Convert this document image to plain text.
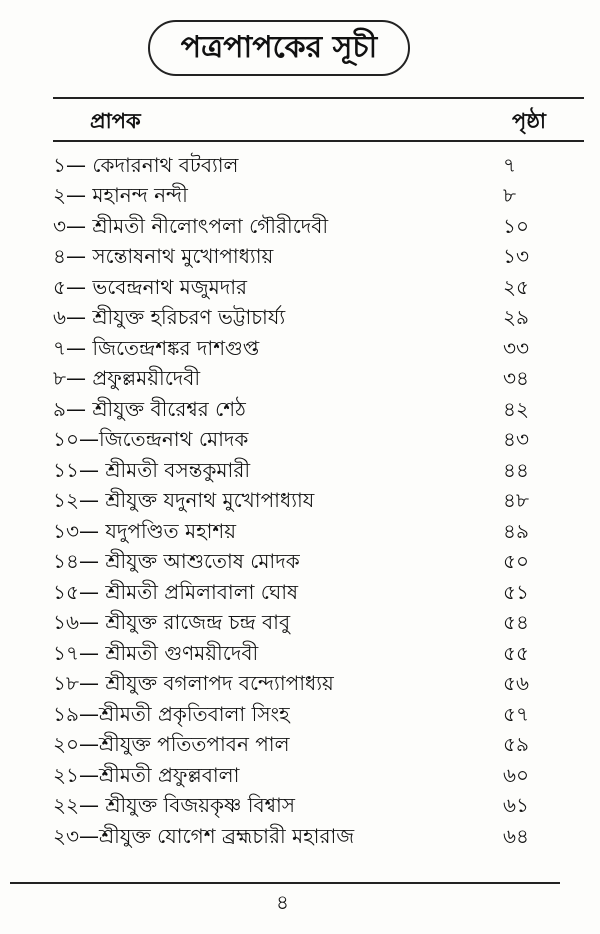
পত্রপাপকের সূচী
প্রাপক	পৃষ্ঠা
১— কেদারনাথ বটব্যাল	৭
২— মহানন্দ নন্দী	৮
৩— শ্রীমতী নীলোৎপলা গৌরীদেবী	১০
৪— সন্তোষনাথ মুখোপাধ্যায়	১৩
৫— ভবেন্দ্রনাথ মজুমদার	২৫
৬— শ্রীযুক্ত হরিচরণ ভট্টাচার্য্য	২৯
৭— জিতেন্দ্রশঙ্কর দাশগুপ্ত	৩৩
৮— প্রফুল্লময়ীদেবী	৩৪
৯— শ্রীযুক্ত বীরেশ্বর শেঠ	৪২
১০—জিতেন্দ্রনাথ মোদক	৪৩
১১— শ্রীমতী বসন্তকুমারী	৪৪
১২— শ্রীযুক্ত যদুনাথ মুখোপাধ্যায	৪৮
১৩— যদুপণ্ডিত মহাশয়	৪৯
১৪— শ্রীযুক্ত আশুতোষ মোদক	৫০
১৫— শ্রীমতী প্রমিলাবালা ঘোষ	৫১
১৬— শ্রীযুক্ত রাজেন্দ্র চন্দ্র বাবু	৫৪
১৭— শ্রীমতী গুণময়ীদেবী	৫৫
১৮— শ্রীযুক্ত বগলাপদ বন্দ্যোপাধ্যয়	৫৬
১৯—শ্রীমতী প্রকৃতিবালা সিংহ	৫৭
২০—শ্রীযুক্ত পতিতপাবন পাল	৫৯
২১—শ্রীমতী প্রফুল্লবালা	৬০
২২— শ্রীযুক্ত বিজয়কৃষ্ণ বিশ্বাস	৬১
২৩—শ্রীযুক্ত যোগেশ ব্রহ্মচারী মহারাজ	৬৪
৪
